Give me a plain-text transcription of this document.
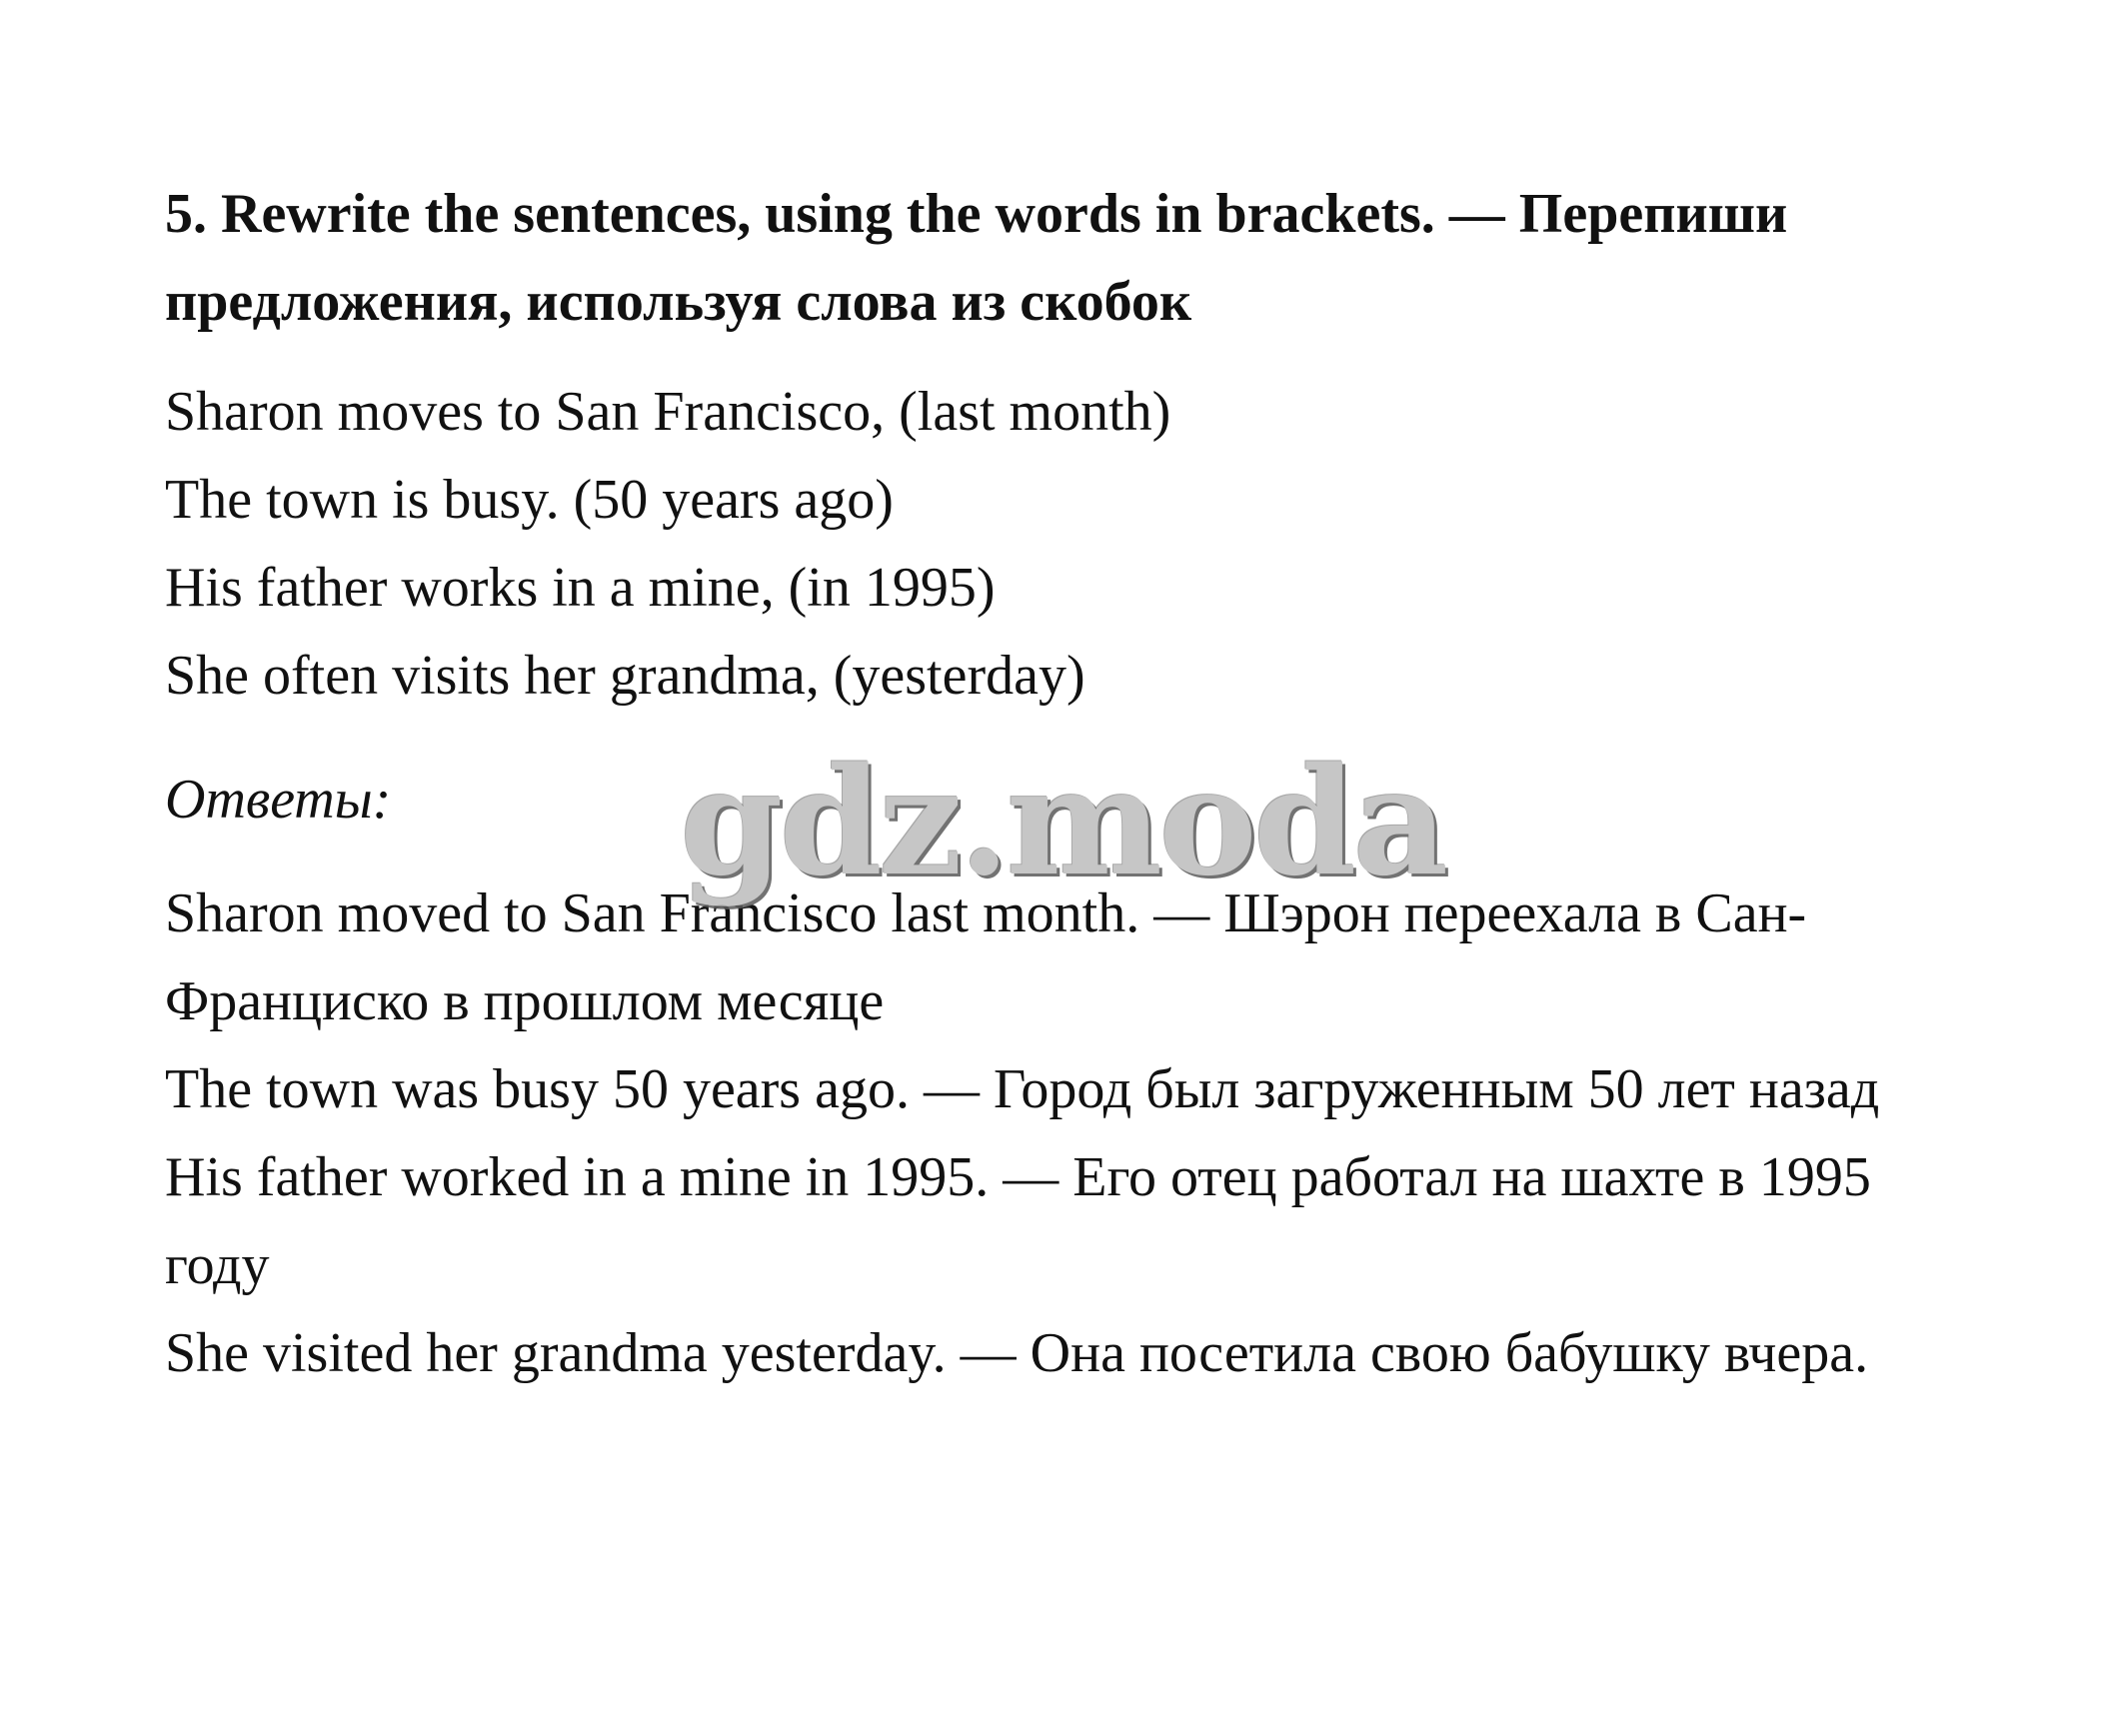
5. Rewrite the sentences, using the words in brackets. — Перепиши предложения, используя слова из скобок
Sharon moves to San Francisco, (last month)
The town is busy. (50 years ago)
His father works in a mine, (in 1995)
She often visits her grandma, (yesterday)
Ответы:
Sharon moved to San Francisco last month. — Шэрон переехала в Сан-Франциско в прошлом месяце
The town was busy 50 years ago. — Город был загруженным 50 лет назад
His father worked in a mine in 1995. — Его отец работал на шахте в 1995 году
She visited her grandma yesterday. — Она посетила свою бабушку вчера.
gdz.moda
